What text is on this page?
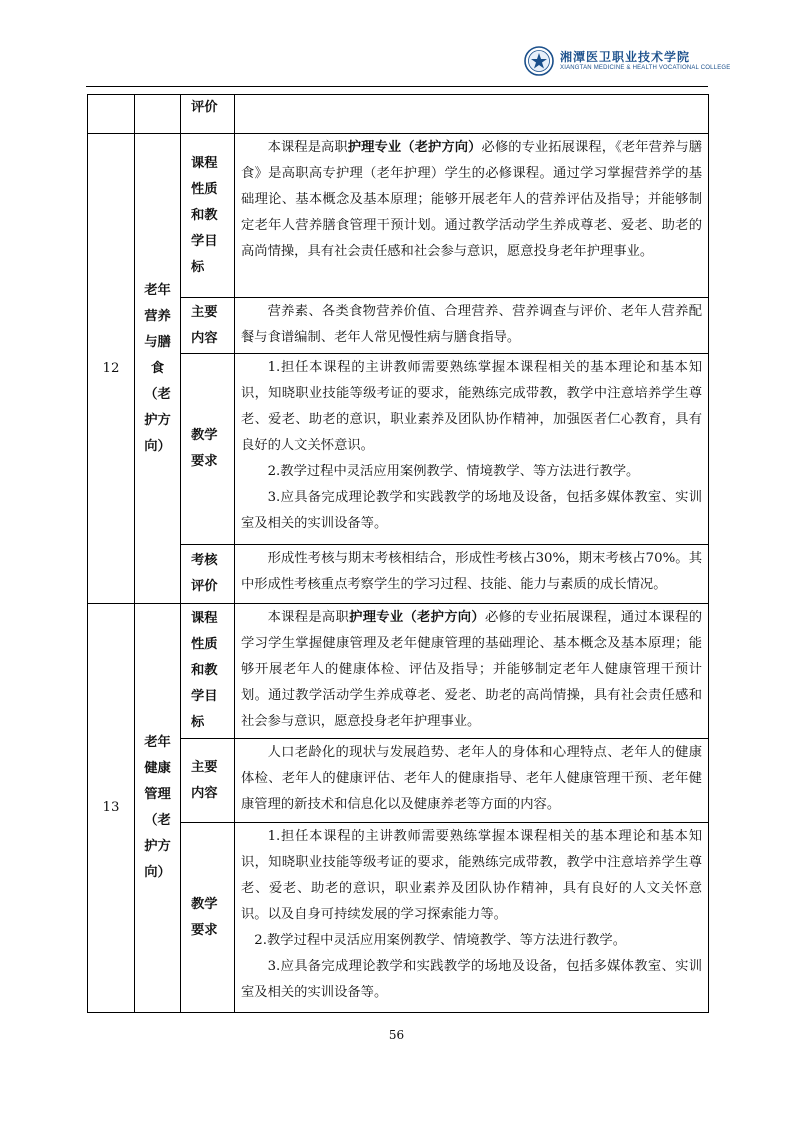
湘潭医卫职业技术学院
XIANGTAN MEDICINE & HEALTH VOCATIONAL COLLEGE
		评价	
12	老年营养与膳食（老护方向）	课程性质和教学目标	本课程是高职护理专业（老护方向）必修的专业拓展课程，《老年营养与膳食》是高职高专护理（老年护理）学生的必修课程。通过学习掌握营养学的基础理论、基本概念及基本原理；能够开展老年人的营养评估及指导；并能够制定老年人营养膳食管理干预计划。通过教学活动学生养成尊老、爱老、助老的高尚情操，具有社会责任感和社会参与意识，愿意投身老年护理事业。

		主要内容	营养素、各类食物营养价值、合理营养、营养调查与评价、老年人营养配餐与食谱编制、老年人常见慢性病与膳食指导。

		教学要求	1.担任本课程的主讲教师需要熟练掌握本课程相关的基本理论和基本知识，知晓职业技能等级考证的要求，能熟练完成带教，教学中注意培养学生尊老、爱老、助老的意识，职业素养及团队协作精神，加强医者仁心教育，具有良好的人文关怀意识。

2.教学过程中灵活应用案例教学、情境教学、等方法进行教学。

3.应具备完成理论教学和实践教学的场地及设备，包括多媒体教室、实训室及相关的实训设备等。

		考核评价	形成性考核与期末考核相结合，形成性考核占30%，期末考核占70%。其中形成性考核重点考察学生的学习过程、技能、能力与素质的成长情况。

13	老年健康管理（老护方向）	课程性质和教学目标	本课程是高职护理专业（老护方向）必修的专业拓展课程，通过本课程的学习学生掌握健康管理及老年健康管理的基础理论、基本概念及基本原理；能够开展老年人的健康体检、评估及指导；并能够制定老年人健康管理干预计划。通过教学活动学生养成尊老、爱老、助老的高尚情操，具有社会责任感和社会参与意识，愿意投身老年护理事业。

		主要内容	人口老龄化的现状与发展趋势、老年人的身体和心理特点、老年人的健康体检、老年人的健康评估、老年人的健康指导、老年人健康管理干预、老年健康管理的新技术和信息化以及健康养老等方面的内容。

		教学要求	1.担任本课程的主讲教师需要熟练掌握本课程相关的基本理论和基本知识，知晓职业技能等级考证的要求，能熟练完成带教，教学中注意培养学生尊老、爱老、助老的意识，职业素养及团队协作精神，具有良好的人文关怀意识。以及自身可持续发展的学习探索能力等。

2.教学过程中灵活应用案例教学、情境教学、等方法进行教学。

3.应具备完成理论教学和实践教学的场地及设备，包括多媒体教室、实训室及相关的实训设备等。

56
